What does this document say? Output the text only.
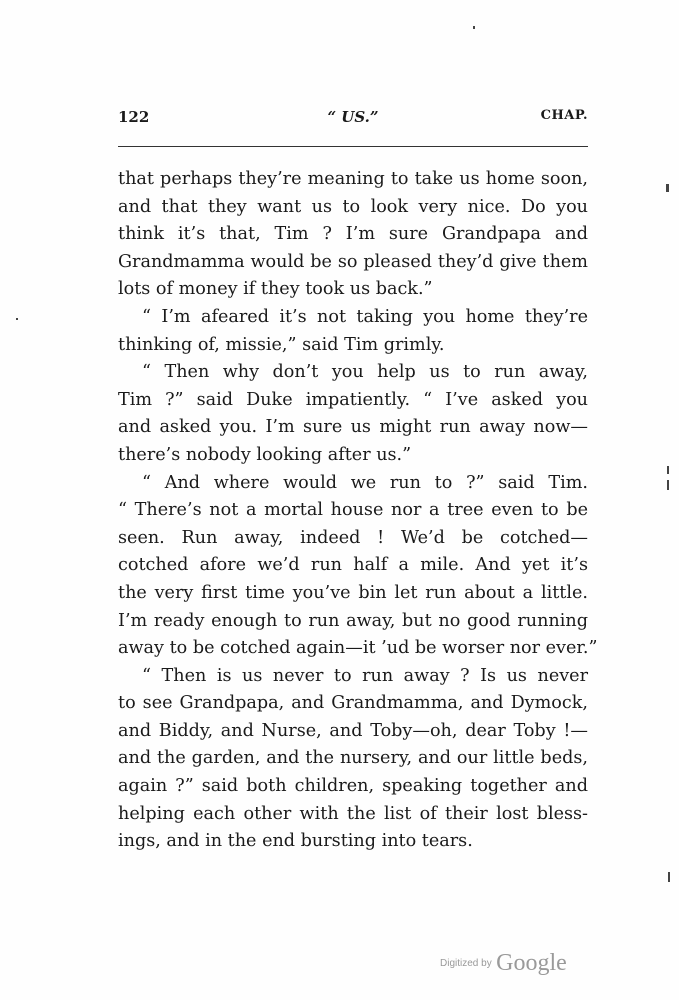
122	“ US.”	CHAP.
that perhaps they’re meaning to take us home soon,
and that they want us to look very nice. Do you
think it’s that, Tim ? I’m sure Grandpapa and
Grandmamma would be so pleased they’d give them
lots of money if they took us back.”
“ I’m afeared it’s not taking you home they’re
thinking of, missie,” said Tim grimly.
“ Then why don’t you help us to run away,
Tim ?” said Duke impatiently. “ I’ve asked you
and asked you. I’m sure us might run away now—
there’s nobody looking after us.”
“ And where would we run to ?” said Tim.
“ There’s not a mortal house nor a tree even to be
seen. Run away, indeed ! We’d be cotched—
cotched afore we’d run half a mile. And yet it’s
the very first time you’ve bin let run about a little.
I’m ready enough to run away, but no good running
away to be cotched again—it ’ud be worser nor ever.”
“ Then is us never to run away ? Is us never
to see Grandpapa, and Grandmamma, and Dymock,
and Biddy, and Nurse, and Toby—oh, dear Toby !—
and the garden, and the nursery, and our little beds,
again ?” said both children, speaking together and
helping each other with the list of their lost bless-
ings, and in the end bursting into tears.
Digitized by Google
